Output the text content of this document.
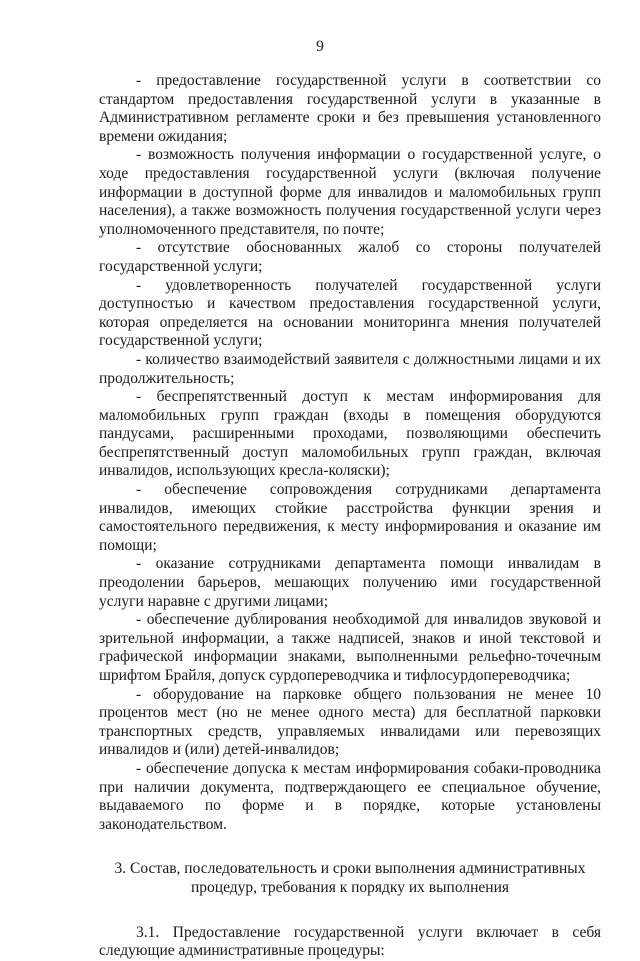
9

- предоставление государственной услуги в соответствии со стандартом предоставления государственной услуги в указанные в Административном регламенте сроки и без превышения установленного времени ожидания;

- возможность получения информации о государственной услуге, о ходе предоставления государственной услуги (включая получение информации в доступной форме для инвалидов и маломобильных групп населения), а также возможность получения государственной услуги через уполномоченного представителя, по почте;

- отсутствие обоснованных жалоб со стороны получателей государственной услуги;

- удовлетворенность получателей государственной услуги доступностью и качеством предоставления государственной услуги, которая определяется на основании мониторинга мнения получателей государственной услуги;

- количество взаимодействий заявителя с должностными лицами и их продолжительность;

- беспрепятственный доступ к местам информирования для маломобильных групп граждан (входы в помещения оборудуются пандусами, расширенными проходами, позволяющими обеспечить беспрепятственный доступ маломобильных групп граждан, включая инвалидов, использующих кресла-коляски);

- обеспечение сопровождения сотрудниками департамента инвалидов, имеющих стойкие расстройства функции зрения и самостоятельного передвижения, к месту информирования и оказание им помощи;

- оказание сотрудниками департамента помощи инвалидам в преодолении барьеров, мешающих получению ими государственной услуги наравне с другими лицами;

- обеспечение дублирования необходимой для инвалидов звуковой и зрительной информации, а также надписей, знаков и иной текстовой и графической информации знаками, выполненными рельефно-точечным шрифтом Брайля, допуск сурдопереводчика и тифлосурдопереводчика;

- оборудование на парковке общего пользования не менее 10 процентов мест (но не менее одного места) для бесплатной парковки транспортных средств, управляемых инвалидами или перевозящих инвалидов и (или) детей-инвалидов;

- обеспечение допуска к местам информирования собаки-проводника при наличии документа, подтверждающего ее специальное обучение, выдаваемого по форме и в порядке, которые установлены законодательством.

3. Состав, последовательность и сроки выполнения административных
процедур, требования к порядку их выполнения

3.1. Предоставление государственной услуги включает в себя следующие административные процедуры:
